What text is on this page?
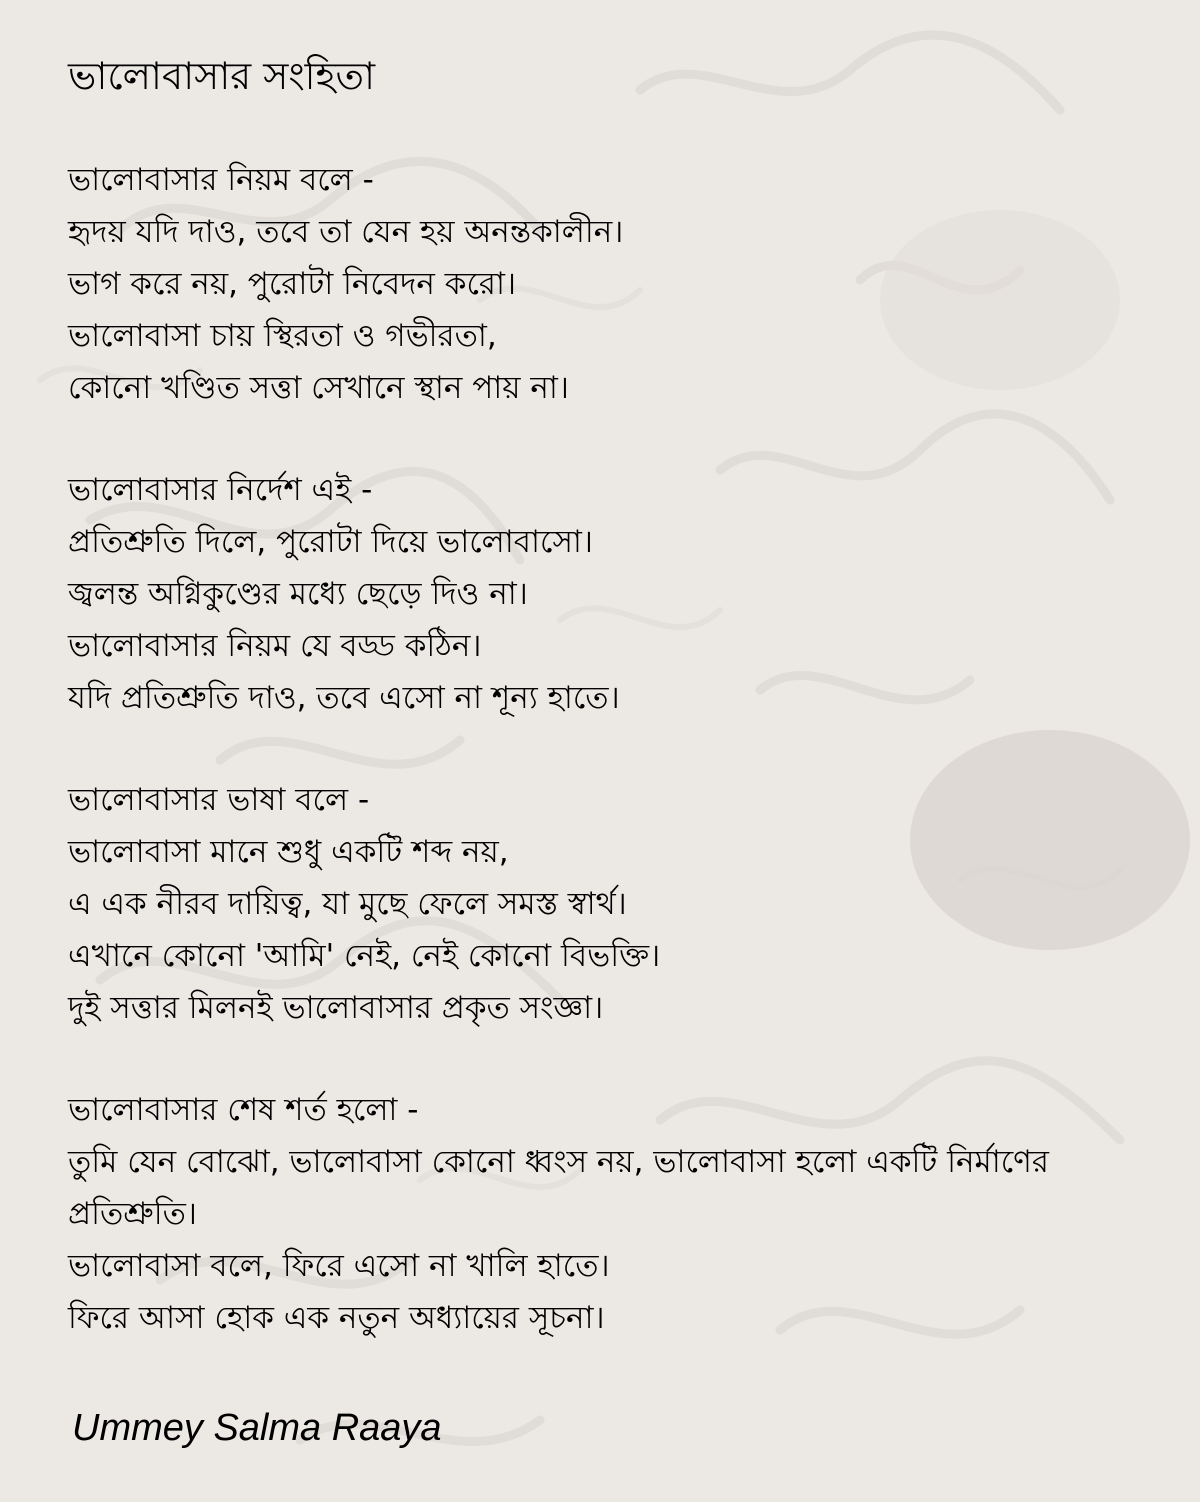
ভালোবাসার সংহিতা
ভালোবাসার নিয়ম বলে -
হৃদয় যদি দাও, তবে তা যেন হয় অনন্তকালীন।
ভাগ করে নয়, পুরোটা নিবেদন করো।
ভালোবাসা চায় স্থিরতা ও গভীরতা,
কোনো খণ্ডিত সত্তা সেখানে স্থান পায় না।
ভালোবাসার নির্দেশ এই -
প্রতিশ্রুতি দিলে, পুরোটা দিয়ে ভালোবাসো।
জ্বলন্ত অগ্নিকুণ্ডের মধ্যে ছেড়ে দিও না।
ভালোবাসার নিয়ম যে বড্ড কঠিন।
যদি প্রতিশ্রুতি দাও, তবে এসো না শূন্য হাতে।
ভালোবাসার ভাষা বলে -
ভালোবাসা মানে শুধু একটি শব্দ নয়,
এ এক নীরব দায়িত্ব, যা মুছে ফেলে সমস্ত স্বার্থ।
এখানে কোনো 'আমি' নেই, নেই কোনো বিভক্তি।
দুই সত্তার মিলনই ভালোবাসার প্রকৃত সংজ্ঞা।
ভালোবাসার শেষ শর্ত হলো -
তুমি যেন বোঝো, ভালোবাসা কোনো ধ্বংস নয়, ভালোবাসা হলো একটি নির্মাণের
প্রতিশ্রুতি।
ভালোবাসা বলে, ফিরে এসো না খালি হাতে।
ফিরে আসা হোক এক নতুন অধ্যায়ের সূচনা।

Ummey Salma Raaya
